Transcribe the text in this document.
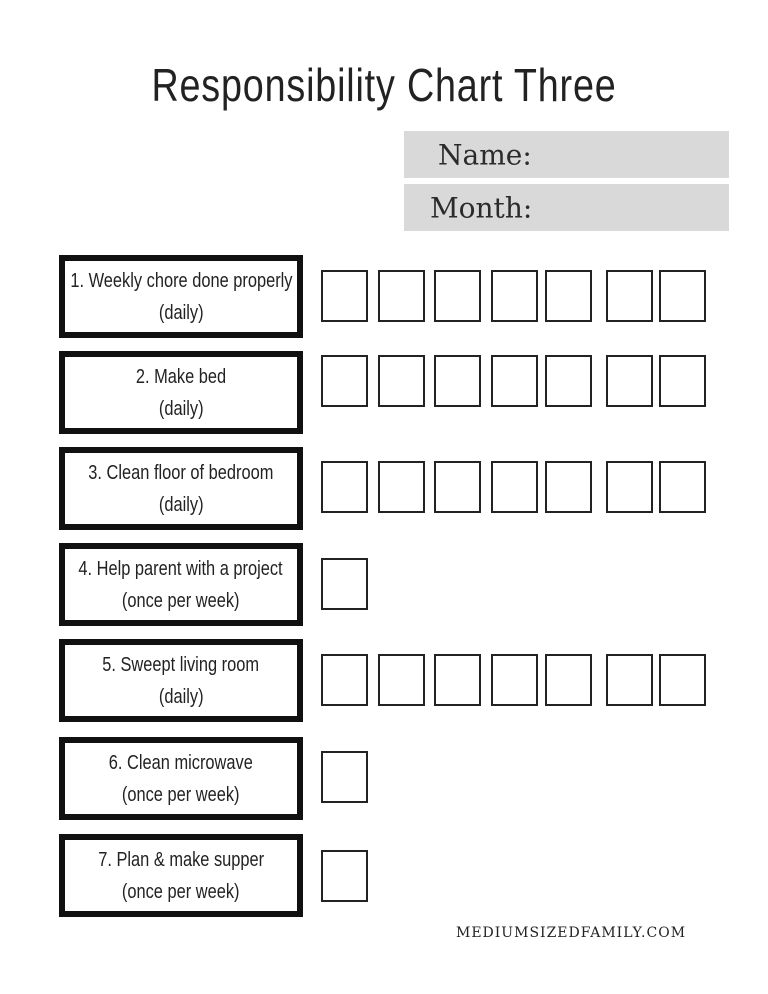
Responsibility Chart Three
Name:
Month:
1. Weekly chore done properly
(daily)
2. Make bed
(daily)
3. Clean floor of bedroom
(daily)
4. Help parent with a project
(once per week)
5. Sweept living room
(daily)
6. Clean microwave
(once per week)
7. Plan & make supper
(once per week)
MEDIUMSIZEDFAMILY.COM
